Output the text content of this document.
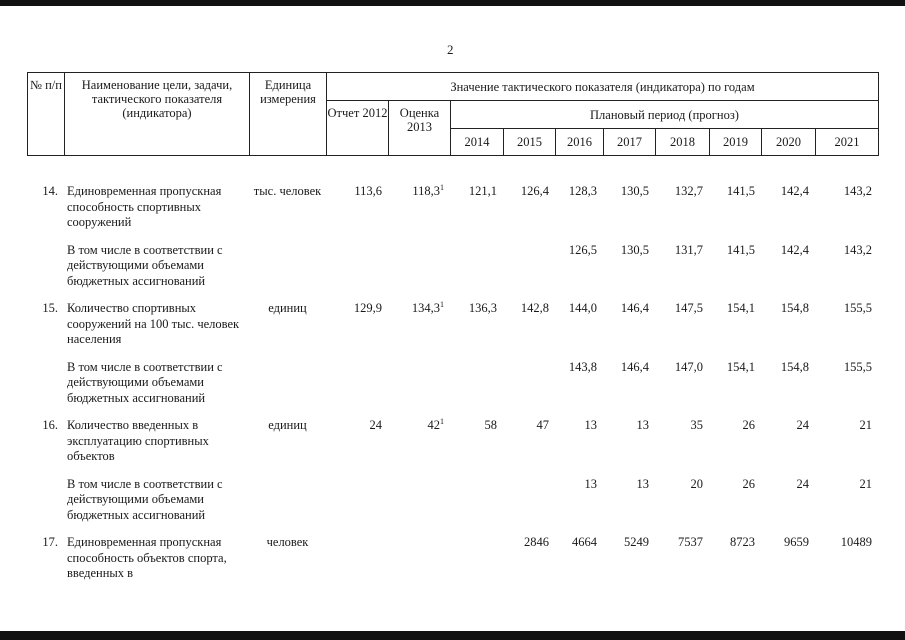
2
№ п/п	Наименование цели, задачи, тактического показателя (индикатора)	Единица измерения	Значение тактического показателя (индикатора) по годам									
			Отчет 2012	Оценка 2013	Плановый период (прогноз)							
					2014	2015	2016	2017	2018	2019	2020	2021
14.	Единовременная пропускная способность спортивных сооружений	тыс. человек	113,6	118,3$^1$	121,1	126,4	128,3	130,5	132,7	141,5	142,4	143,2
	В том числе в соответствии с действующими объемами бюджетных ассигнований						126,5	130,5	131,7	141,5	142,4	143,2
15.	Количество спортивных сооружений на 100 тыс. человек населения	единиц	129,9	134,3$^1$	136,3	142,8	144,0	146,4	147,5	154,1	154,8	155,5
	В том числе в соответствии с действующими объемами бюджетных ассигнований						143,8	146,4	147,0	154,1	154,8	155,5
16.	Количество введенных в эксплуатацию спортивных объектов	единиц	24	$42^1$	58	47	13	13	35	26	24	21
	В том числе в соответствии с действующими объемами бюджетных ассигнований						13	13	20	26	24	21
17.	Единовременная пропускная способность объектов спорта, введенных в	человек				2846	4664	5249	7537	8723	9659	10489
